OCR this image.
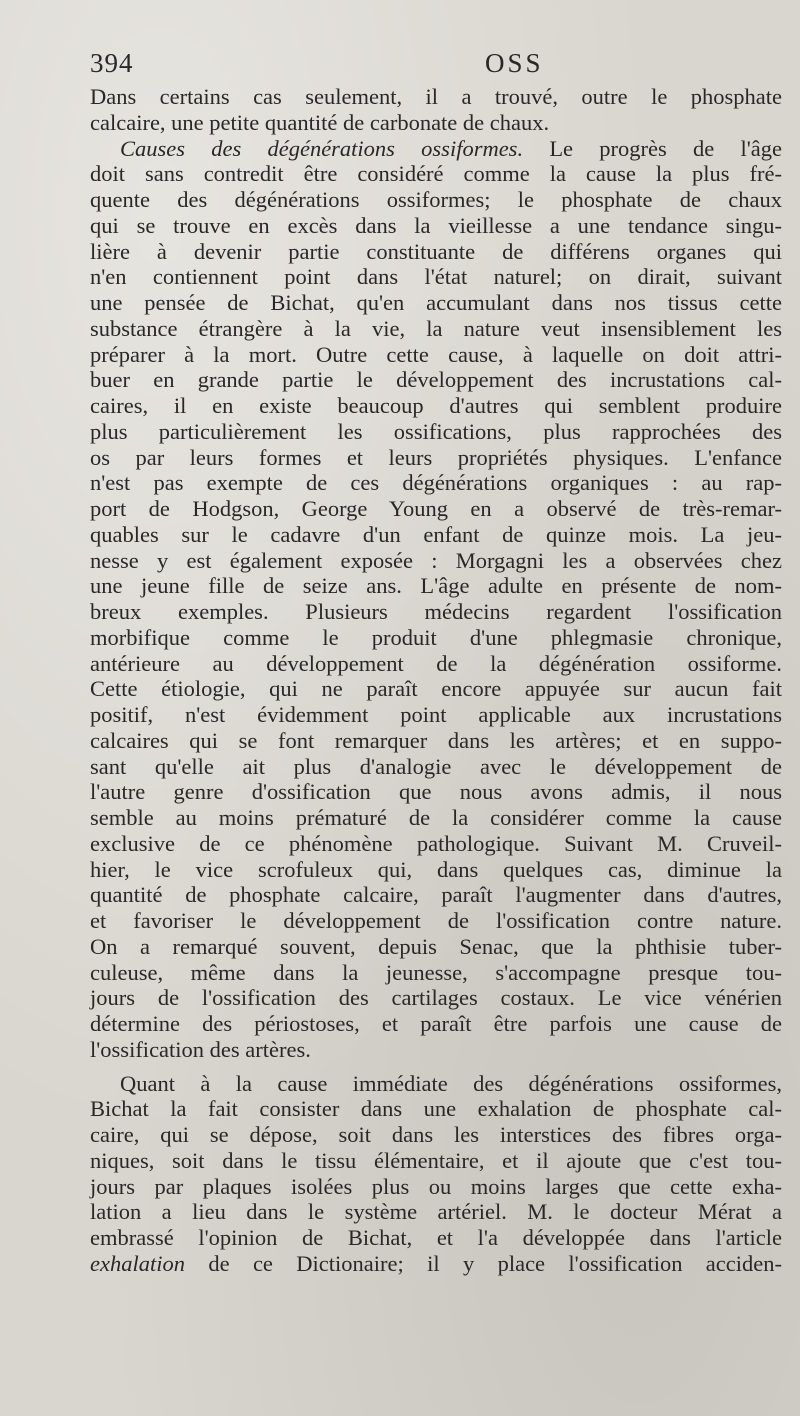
394	OSS
Dans certains cas seulement, il a trouvé, outre le phosphate
calcaire, une petite quantité de carbonate de chaux.
Causes des dégénérations ossiformes. Le progrès de l'âge
doit sans contredit être considéré comme la cause la plus fré-
quente des dégénérations ossiformes; le phosphate de chaux
qui se trouve en excès dans la vieillesse a une tendance singu-
lière à devenir partie constituante de différens organes qui
n'en contiennent point dans l'état naturel; on dirait, suivant
une pensée de Bichat, qu'en accumulant dans nos tissus cette
substance étrangère à la vie, la nature veut insensiblement les
préparer à la mort. Outre cette cause, à laquelle on doit attri-
buer en grande partie le développement des incrustations cal-
caires, il en existe beaucoup d'autres qui semblent produire
plus particulièrement les ossifications, plus rapprochées des
os par leurs formes et leurs propriétés physiques. L'enfance
n'est pas exempte de ces dégénérations organiques : au rap-
port de Hodgson, George Young en a observé de très-remar-
quables sur le cadavre d'un enfant de quinze mois. La jeu-
nesse y est également exposée : Morgagni les a observées chez
une jeune fille de seize ans. L'âge adulte en présente de nom-
breux exemples. Plusieurs médecins regardent l'ossification
morbifique comme le produit d'une phlegmasie chronique,
antérieure au développement de la dégénération ossiforme.
Cette étiologie, qui ne paraît encore appuyée sur aucun fait
positif, n'est évidemment point applicable aux incrustations
calcaires qui se font remarquer dans les artères; et en suppo-
sant qu'elle ait plus d'analogie avec le développement de
l'autre genre d'ossification que nous avons admis, il nous
semble au moins prématuré de la considérer comme la cause
exclusive de ce phénomène pathologique. Suivant M. Cruveil-
hier, le vice scrofuleux qui, dans quelques cas, diminue la
quantité de phosphate calcaire, paraît l'augmenter dans d'autres,
et favoriser le développement de l'ossification contre nature.
On a remarqué souvent, depuis Senac, que la phthisie tuber-
culeuse, même dans la jeunesse, s'accompagne presque tou-
jours de l'ossification des cartilages costaux. Le vice vénérien
détermine des périostoses, et paraît être parfois une cause de
l'ossification des artères.
Quant à la cause immédiate des dégénérations ossiformes,
Bichat la fait consister dans une exhalation de phosphate cal-
caire, qui se dépose, soit dans les interstices des fibres orga-
niques, soit dans le tissu élémentaire, et il ajoute que c'est tou-
jours par plaques isolées plus ou moins larges que cette exha-
lation a lieu dans le système artériel. M. le docteur Mérat a
embrassé l'opinion de Bichat, et l'a développée dans l'article
exhalation de ce Dictionaire; il y place l'ossification acciden-
